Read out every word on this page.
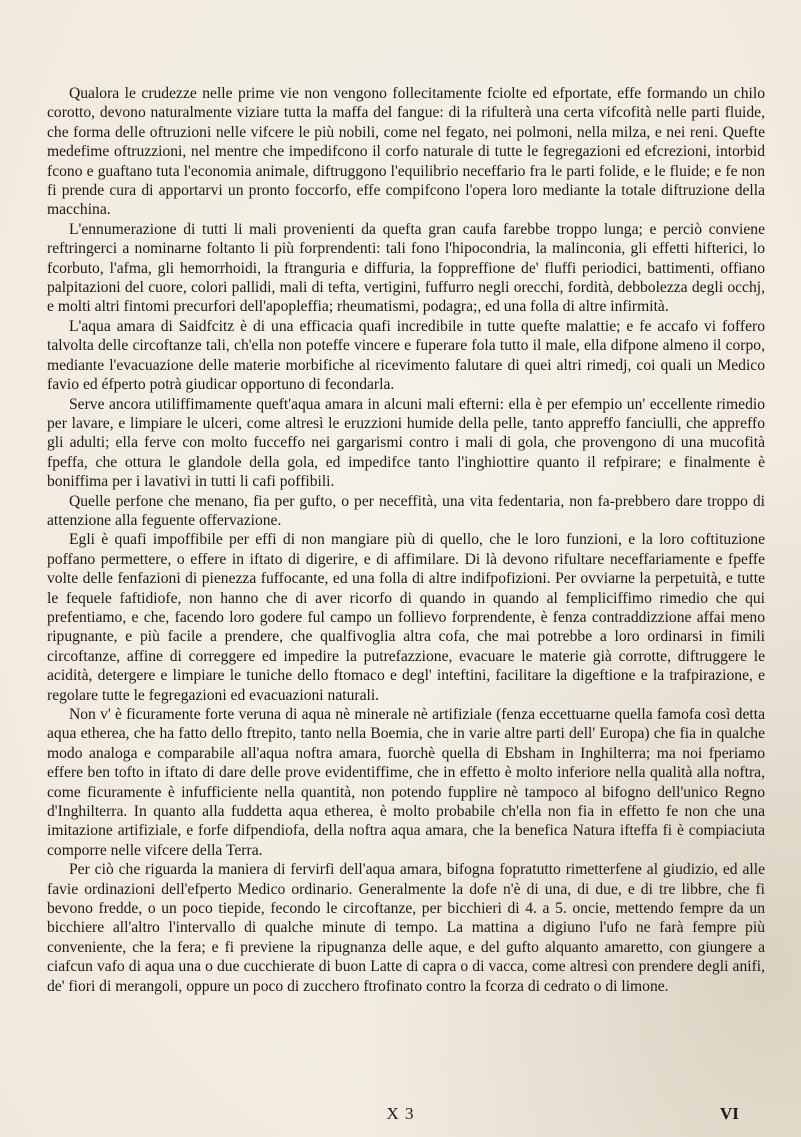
Qualora le crudezze nelle prime vie non vengono follecitamente fciolte ed efportate, effe formando un chilo corotto, devono naturalmente viziare tutta la maffa del fangue: di la rifulterà una certa vifcofità nelle parti fluide, che forma delle oftruzioni nelle vifcere le più nobili, come nel fegato, nei polmoni, nella milza, e nei reni. Quefte medefime oftruzzioni, nel mentre che impedifcono il corfo naturale di tutte le fegregazioni ed efcrezioni, intorbid fcono e guaftano tuta l'economia animale, diftruggono l'equilibrio neceffario fra le parti folide, e le fluide; e fe non fi prende cura di apportarvi un pronto foccorfo, effe compifcono l'opera loro mediante la totale diftruzione della macchina.

L'ennumerazione di tutti li mali provenienti da quefta gran caufa farebbe troppo lunga; e perciò conviene reftringerci a nominarne foltanto li più forprendenti: tali fono l'hipocondria, la malinconia, gli effetti hifterici, lo fcorbuto, l'afma, gli hemorrhoidi, la ftranguria e diffuria, la foppreffione de' fluffi periodici, battimenti, offiano palpitazioni del cuore, colori pallidi, mali di tefta, vertigini, fuffurro negli orecchi, fordità, debbolezza degli occhj, e molti altri fintomi precurfori dell'apopleffia; rheumatismi, podagra;, ed una folla di altre infirmità.

L'aqua amara di Saidfcitz è di una efficacia quafi incredibile in tutte quefte malattie; e fe accafo vi foffero talvolta delle circoftanze tali, ch'ella non poteffe vincere e fuperare fola tutto il male, ella difpone almeno il corpo, mediante l'evacuazione delle materie morbifiche al ricevimento falutare di quei altri rimedj, coi quali un Medico favio ed éfperto potrà giudicar opportuno di fecondarla.

Serve ancora utiliffimamente queft'aqua amara in alcuni mali efterni: ella è per efempio un' eccellente rimedio per lavare, e limpiare le ulceri, come altresì le eruzzioni humide della pelle, tanto appreffo fanciulli, che appreffo gli adulti; ella ferve con molto fucceffo nei gargarismi contro i mali di gola, che provengono di una mucofità fpeffa, che ottura le glandole della gola, ed impedifce tanto l'inghiottire quanto il refpirare; e finalmente è boniffima per i lavativi in tutti li cafi poffibili.

Quelle perfone che menano, fia per gufto, o per neceffità, una vita fedentaria, non fa-prebbero dare troppo di attenzione alla feguente offervazione.

Egli è quafi impoffibile per effi di non mangiare più di quello, che le loro funzioni, e la loro coftituzione poffano permettere, o effere in iftato di digerire, e di affimilare. Di là devono rifultare neceffariamente e fpeffe volte delle fenfazioni di pienezza fuffocante, ed una folla di altre indifpofizioni. Per ovviarne la perpetuità, e tutte le fequele faftidiofe, non hanno che di aver ricorfo di quando in quando al fempliciffimo rimedio che qui prefentiamo, e che, facendo loro godere ful campo un follievo forprendente, è fenza contraddizzione affai meno ripugnante, e più facile a prendere, che qualfivoglia altra cofa, che mai potrebbe a loro ordinarsi in fimili circoftanze, affine di correggere ed impedire la putrefazzione, evacuare le materie già corrotte, diftruggere le acidità, detergere e limpiare le tuniche dello ftomaco e degl' inteftini, facilitare la digeftione e la trafpirazione, e regolare tutte le fegregazioni ed evacuazioni naturali.

Non v' è ficuramente forte veruna di aqua nè minerale nè artifiziale (fenza eccettuarne quella famofa così detta aqua etherea, che ha fatto dello ftrepito, tanto nella Boemia, che in varie altre parti dell' Europa) che fia in qualche modo analoga e comparabile all'aqua noftra amara, fuorchè quella di Ebsham in Inghilterra; ma noi fperiamo effere ben tofto in iftato di dare delle prove evidentiffime, che in effetto è molto inferiore nella qualità alla noftra, come ficuramente è infufficiente nella quantità, non potendo fupplire nè tampoco al bifogno dell'unico Regno d'Inghilterra. In quanto alla fuddetta aqua etherea, è molto probabile ch'ella non fia in effetto fe non che una imitazione artifiziale, e forfe difpendiofa, della noftra aqua amara, che la benefica Natura ifteffa fi è compiaciuta comporre nelle vifcere della Terra.

Per ciò che riguarda la maniera di fervirfi dell'aqua amara, bifogna fopratutto rimetterfene al giudizio, ed alle favie ordinazioni dell'efperto Medico ordinario. Generalmente la dofe n'è di una, di due, e di tre libbre, che fi bevono fredde, o un poco tiepide, fecondo le circoftanze, per bicchieri di 4. a 5. oncie, mettendo fempre da un bicchiere all'altro l'intervallo di qualche minute di tempo. La mattina a digiuno l'ufo ne farà fempre più conveniente, che la fera; e fi previene la ripugnanza delle aque, e del gufto alquanto amaretto, con giungere a ciafcun vafo di aqua una o due cucchierate di buon Latte di capra o di vacca, come altresì con prendere degli anifi, de' fiori di merangoli, oppure un poco di zucchero ftrofinato contro la fcorza di cedrato o di limone.

X 3	VI
